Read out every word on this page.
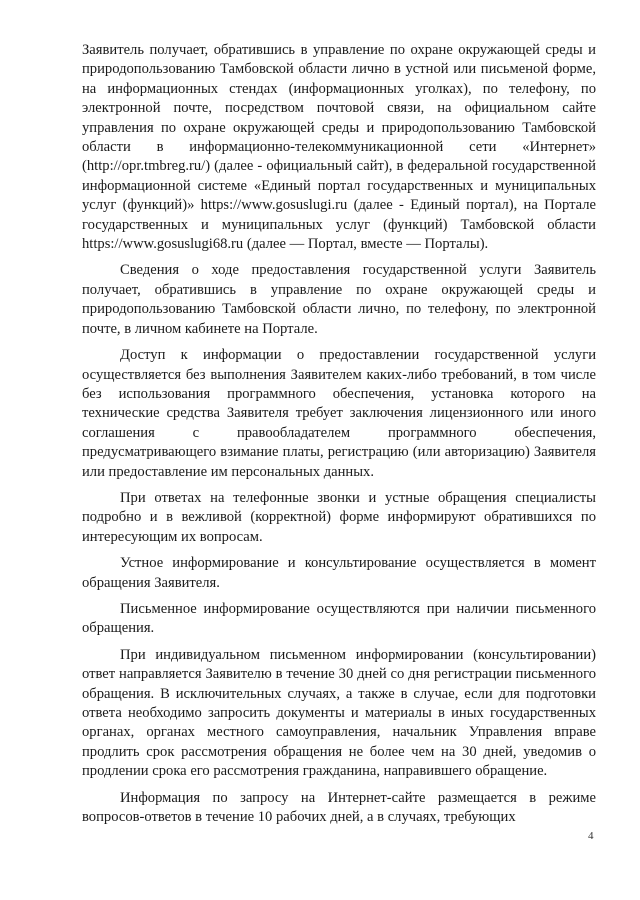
Заявитель получает, обратившись в управление по охране окружающей среды и природопользованию Тамбовской области лично в устной или письменой форме, на информационных стендах (информационных уголках), по телефону, по электронной почте, посредством почтовой связи, на официальном сайте управления по охране окружающей среды и природопользованию Тамбовской области в информационно-телекоммуникационной сети «Интернет» (http://opr.tmbreg.ru/) (далее - официальный сайт), в федеральной государственной информационной системе «Единый портал государственных и муниципальных услуг (функций)» https://www.gosuslugi.ru (далее - Единый портал), на Портале государственных и муниципальных услуг (функций) Тамбовской области https://www.gosuslugi68.ru (далее — Портал, вместе — Порталы).

Сведения о ходе предоставления государственной услуги Заявитель получает, обратившись в управление по охране окружающей среды и природопользованию Тамбовской области лично, по телефону, по электронной почте, в личном кабинете на Портале.

Доступ к информации о предоставлении государственной услуги осуществляется без выполнения Заявителем каких-либо требований, в том числе без использования программного обеспечения, установка которого на технические средства Заявителя требует заключения лицензионного или иного соглашения с правообладателем программного обеспечения, предусматривающего взимание платы, регистрацию (или авторизацию) Заявителя или предоставление им персональных данных.

При ответах на телефонные звонки и устные обращения специалисты подробно и в вежливой (корректной) форме информируют обратившихся по интересующим их вопросам.

Устное информирование и консультирование осуществляется в момент обращения Заявителя.

Письменное информирование осуществляются при наличии письменного обращения.

При индивидуальном письменном информировании (консультировании) ответ направляется Заявителю в течение 30 дней со дня регистрации письменного обращения. В исключительных случаях, а также в случае, если для подготовки ответа необходимо запросить документы и материалы в иных государственных органах, органах местного самоуправления, начальник Управления вправе продлить срок рассмотрения обращения не более чем на 30 дней, уведомив о продлении срока его рассмотрения гражданина, направившего обращение.

Информация по запросу на Интернет-сайте размещается в режиме вопросов-ответов в течение 10 рабочих дней, а в случаях, требующих

4
